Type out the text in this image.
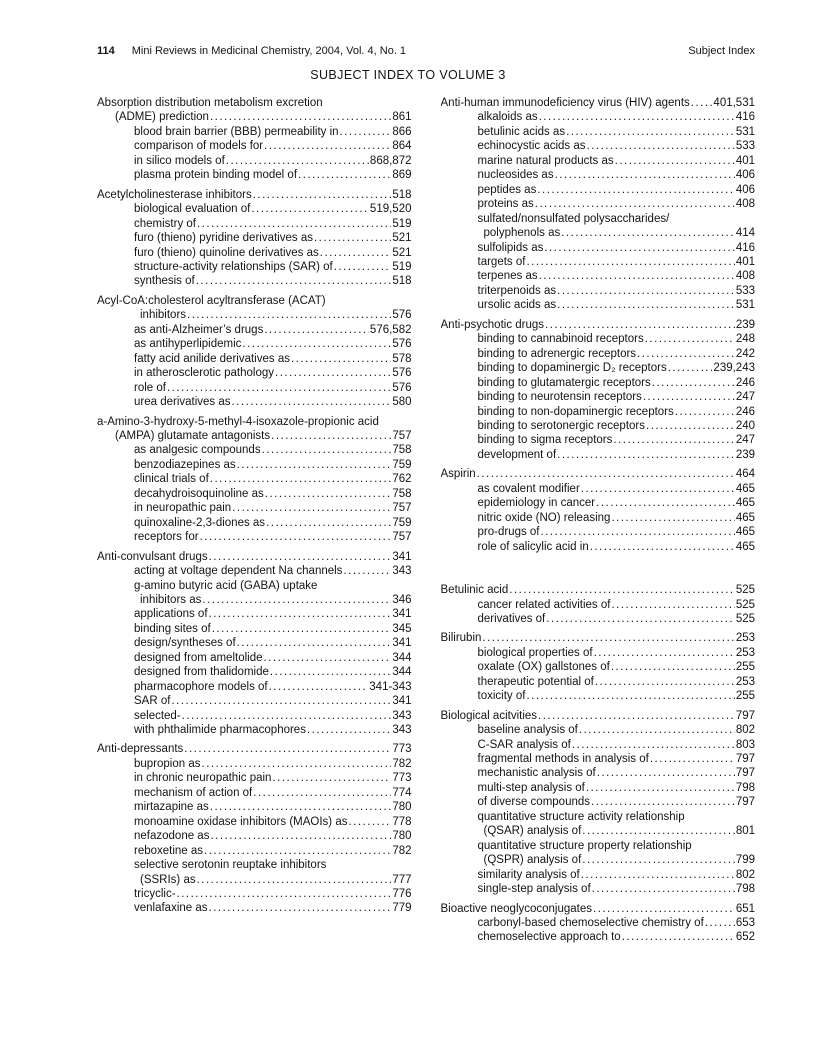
114 Mini Reviews in Medicinal Chemistry, 2004, Vol. 4, No. 1	Subject Index
SUBJECT INDEX TO VOLUME 3
Absorption distribution metabolism excretion
(ADME) prediction .....	861
blood brain barrier (BBB) permeability in .....	866
comparison of models for .....	864
in silico models of .....	868,872
plasma protein binding model of .....	869
Acetylcholinesterase inhibitors .....	518
biological evaluation of .....	519,520
chemistry of .....	519
furo (thieno) pyridine derivatives as .....	521
furo (thieno) quinoline derivatives as .....	521
structure-activity relationships (SAR) of .....	519
synthesis of .....	518
Acyl-CoA:cholesterol acyltransferase (ACAT)
inhibitors .....	576
as anti-Alzheimer’s drugs .....	576,582
as antihyperlipidemic .....	576
fatty acid anilide derivatives as .....	578
in atherosclerotic pathology .....	576
role of .....	576
urea derivatives as .....	580
a-Amino-3-hydroxy-5-methyl-4-isoxazole-propionic acid
(AMPA) glutamate antagonists .....	757
as analgesic compounds .....	758
benzodiazepines as .....	759
clinical trials of .....	762
decahydroisoquinoline as .....	758
in neuropathic pain .....	757
quinoxaline-2,3-diones as .....	759
receptors for .....	757
Anti-convulsant drugs .....	341
acting at voltage dependent Na channels .....	343
g-amino butyric acid (GABA) uptake
inhibitors as .....	346
applications of .....	341
binding sites of .....	345
design/syntheses of .....	341
designed from ameltolide .....	344
designed from thalidomide .....	344
pharmacophore models of .....	341-343
SAR of .....	341
selected- .....	343
with phthalimide pharmacophores .....	343
Anti-depressants .....	773
bupropion as .....	782
in chronic neuropathic pain .....	773
mechanism of action of .....	774
mirtazapine as .....	780
monoamine oxidase inhibitors (MAOIs) as .....	778
nefazodone as .....	780
reboxetine as .....	782
selective serotonin reuptake inhibitors
(SSRIs) as .....	777
tricyclic- .....	776
venlafaxine as .....	779
Anti-human immunodeficiency virus (HIV) agents ..... 401,531
alkaloids as .....	416
betulinic acids as .....	531
echinocystic acids as .....	533
marine natural products as .....	401
nucleosides as .....	406
peptides as .....	406
proteins as .....	408
sulfated/nonsulfated polysaccharides/
polyphenols as .....	414
sulfolipids as .....	416
targets of .....	401
terpenes as .....	408
triterpenoids as .....	533
ursolic acids as .....	531
Anti-psychotic drugs .....	239
binding to cannabinoid receptors .....	248
binding to adrenergic receptors .....	242
binding to dopaminergic D₂ receptors .....	239,243
binding to glutamatergic receptors .....	246
binding to neurotensin receptors .....	247
binding to non-dopaminergic receptors .....	246
binding to serotonergic receptors .....	240
binding to sigma receptors .....	247
development of .....	239
Aspirin .....	464
as covalent modifier .....	465
epidemiology in cancer .....	465
nitric oxide (NO) releasing .....	465
pro-drugs of .....	465
role of salicylic acid in .....	465
Betulinic acid .....	525
cancer related activities of .....	525
derivatives of .....	525
Bilirubin .....	253
biological properties of .....	253
oxalate (OX) gallstones of .....	255
therapeutic potential of .....	253
toxicity of .....	255
Biological acitvities .....	797
baseline analysis of .....	802
C-SAR analysis of .....	803
fragmental methods in analysis of .....	797
mechanistic analysis of .....	797
multi-step analysis of .....	798
of diverse compounds .....	797
quantitative structure activity relationship
(QSAR) analysis of .....	801
quantitative structure property relationship
(QSPR) analysis of .....	799
similarity analysis of .....	802
single-step analysis of .....	798
Bioactive neoglycoconjugates .....	651
carbonyl-based chemoselective chemistry of .....	653
chemoselective approach to .....	652
